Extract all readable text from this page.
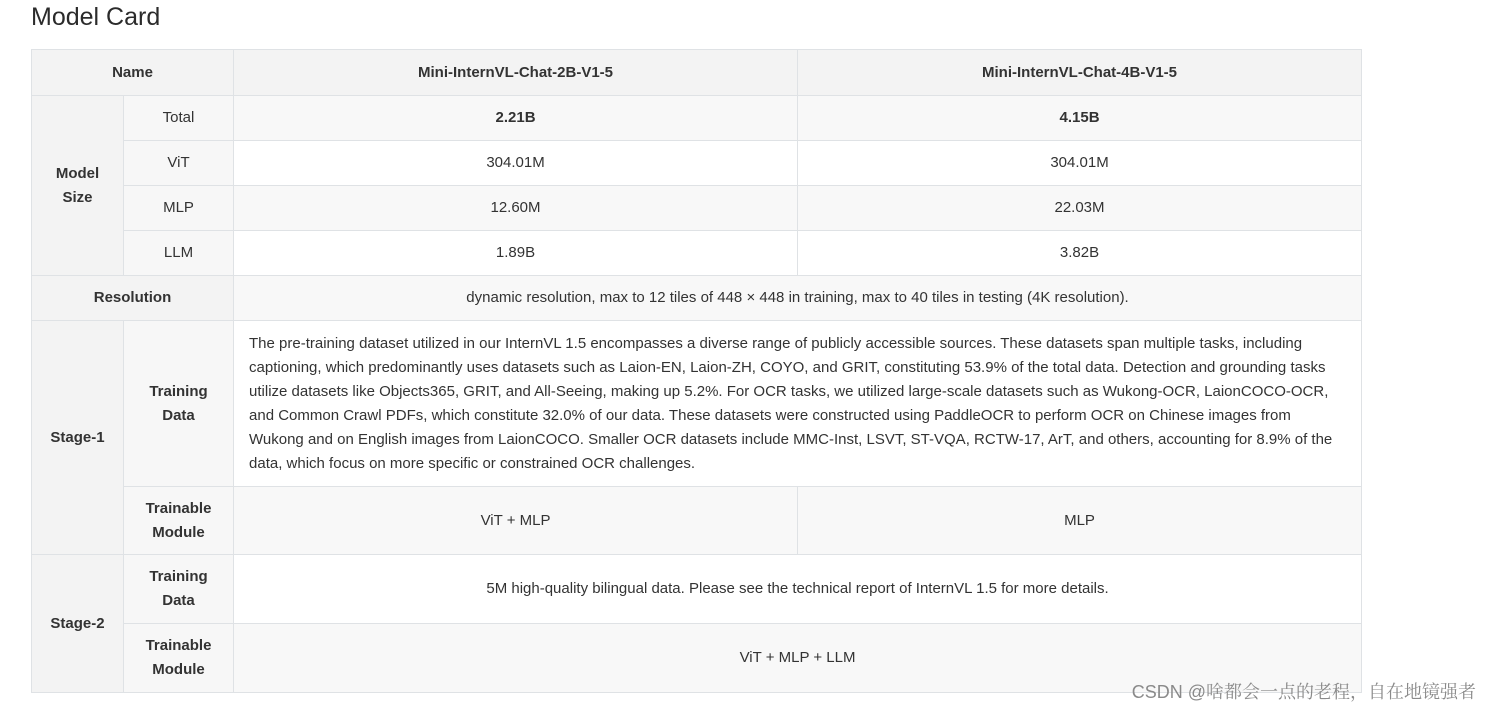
Model Card
Name		Mini-InternVL-Chat-2B-V1-5	Mini-InternVL-Chat-4B-V1-5
Model Size	Total	2.21B	4.15B
	ViT	304.01M	304.01M
	MLP	12.60M	22.03M
	LLM	1.89B	3.82B
Resolution		dynamic resolution, max to 12 tiles of 448 × 448 in training, max to 40 tiles in testing (4K resolution).	
Stage-1	Training Data	The pre-training dataset utilized in our InternVL 1.5 encompasses a diverse range of publicly accessible sources. These datasets span multiple tasks, including captioning, which predominantly uses datasets such as Laion-EN, Laion-ZH, COYO, and GRIT, constituting 53.9% of the total data. Detection and grounding tasks utilize datasets like Objects365, GRIT, and All-Seeing, making up 5.2%. For OCR tasks, we utilized large-scale datasets such as Wukong-OCR, LaionCOCO-OCR, and Common Crawl PDFs, which constitute 32.0% of our data. These datasets were constructed using PaddleOCR to perform OCR on Chinese images from Wukong and on English images from LaionCOCO. Smaller OCR datasets include MMC-Inst, LSVT, ST-VQA, RCTW-17, ArT, and others, accounting for 8.9% of the data, which focus on more specific or constrained OCR challenges.	
	Trainable Module	ViT + MLP	MLP
Stage-2	Training Data	5M high-quality bilingual data. Please see the technical report of InternVL 1.5 for more details.	
	Trainable Module	ViT + MLP + LLM	
CSDN @啥都会一点的老程，自在地镜强者
